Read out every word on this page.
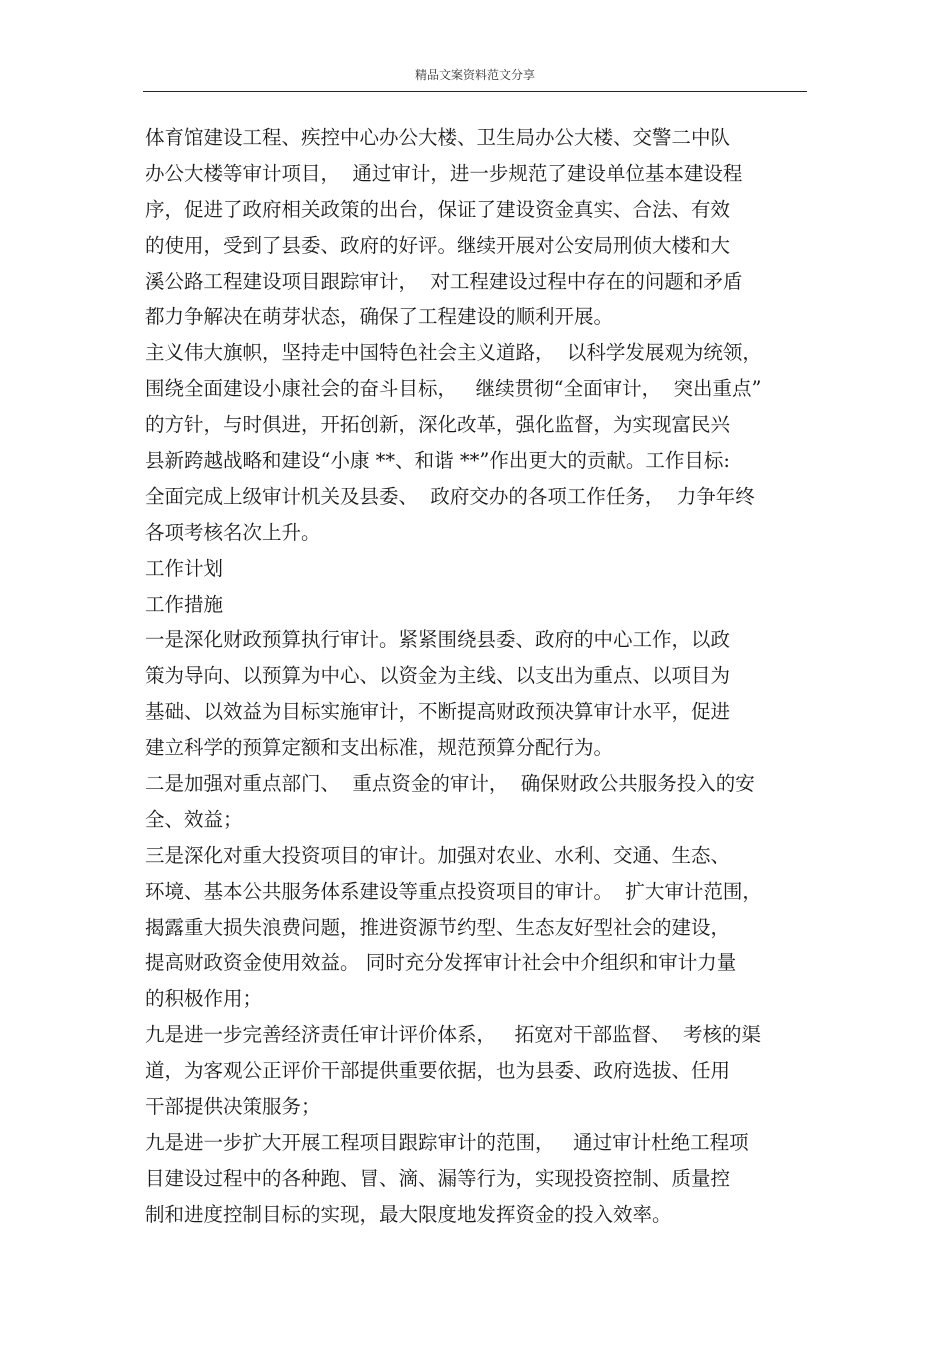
精品文案资料范文分享
体育馆建设工程、疾控中心办公大楼、卫生局办公大楼、交警二中队
办公大楼等审计项目，  通过审计，进一步规范了建设单位基本建设程
序，促进了政府相关政策的出台，保证了建设资金真实、合法、有效
的使用，受到了县委、政府的好评。继续开展对公安局刑侦大楼和大
溪公路工程建设项目跟踪审计，  对工程建设过程中存在的问题和矛盾
都力争解决在萌芽状态，确保了工程建设的顺利开展。
主义伟大旗帜，坚持走中国特色社会主义道路，  以科学发展观为统领，
围绕全面建设小康社会的奋斗目标，   继续贯彻“全面审计，  突出重点”
的方针，与时俱进，开拓创新，深化改革，强化监督，为实现富民兴
县新跨越战略和建设“小康 **、和谐 **”作出更大的贡献。工作目标:
全面完成上级审计机关及县委、  政府交办的各项工作任务，  力争年终
各项考核名次上升。
工作计划
工作措施
一是深化财政预算执行审计。紧紧围绕县委、政府的中心工作，以政
策为导向、以预算为中心、以资金为主线、以支出为重点、以项目为
基础、以效益为目标实施审计，不断提高财政预决算审计水平，促进
建立科学的预算定额和支出标准，规范预算分配行为。
二是加强对重点部门、  重点资金的审计，  确保财政公共服务投入的安
全、效益；
三是深化对重大投资项目的审计。加强对农业、水利、交通、生态、
环境、基本公共服务体系建设等重点投资项目的审计。  扩大审计范围，
揭露重大损失浪费问题，推进资源节约型、生态友好型社会的建设，
提高财政资金使用效益。 同时充分发挥审计社会中介组织和审计力量
的积极作用；
九是进一步完善经济责任审计评价体系，   拓宽对干部监督、  考核的渠
道，为客观公正评价干部提供重要依据，也为县委、政府选拔、任用
干部提供决策服务；
九是进一步扩大开展工程项目跟踪审计的范围，   通过审计杜绝工程项
目建设过程中的各种跑、冒、滴、漏等行为，实现投资控制、质量控
制和进度控制目标的实现，最大限度地发挥资金的投入效率。
